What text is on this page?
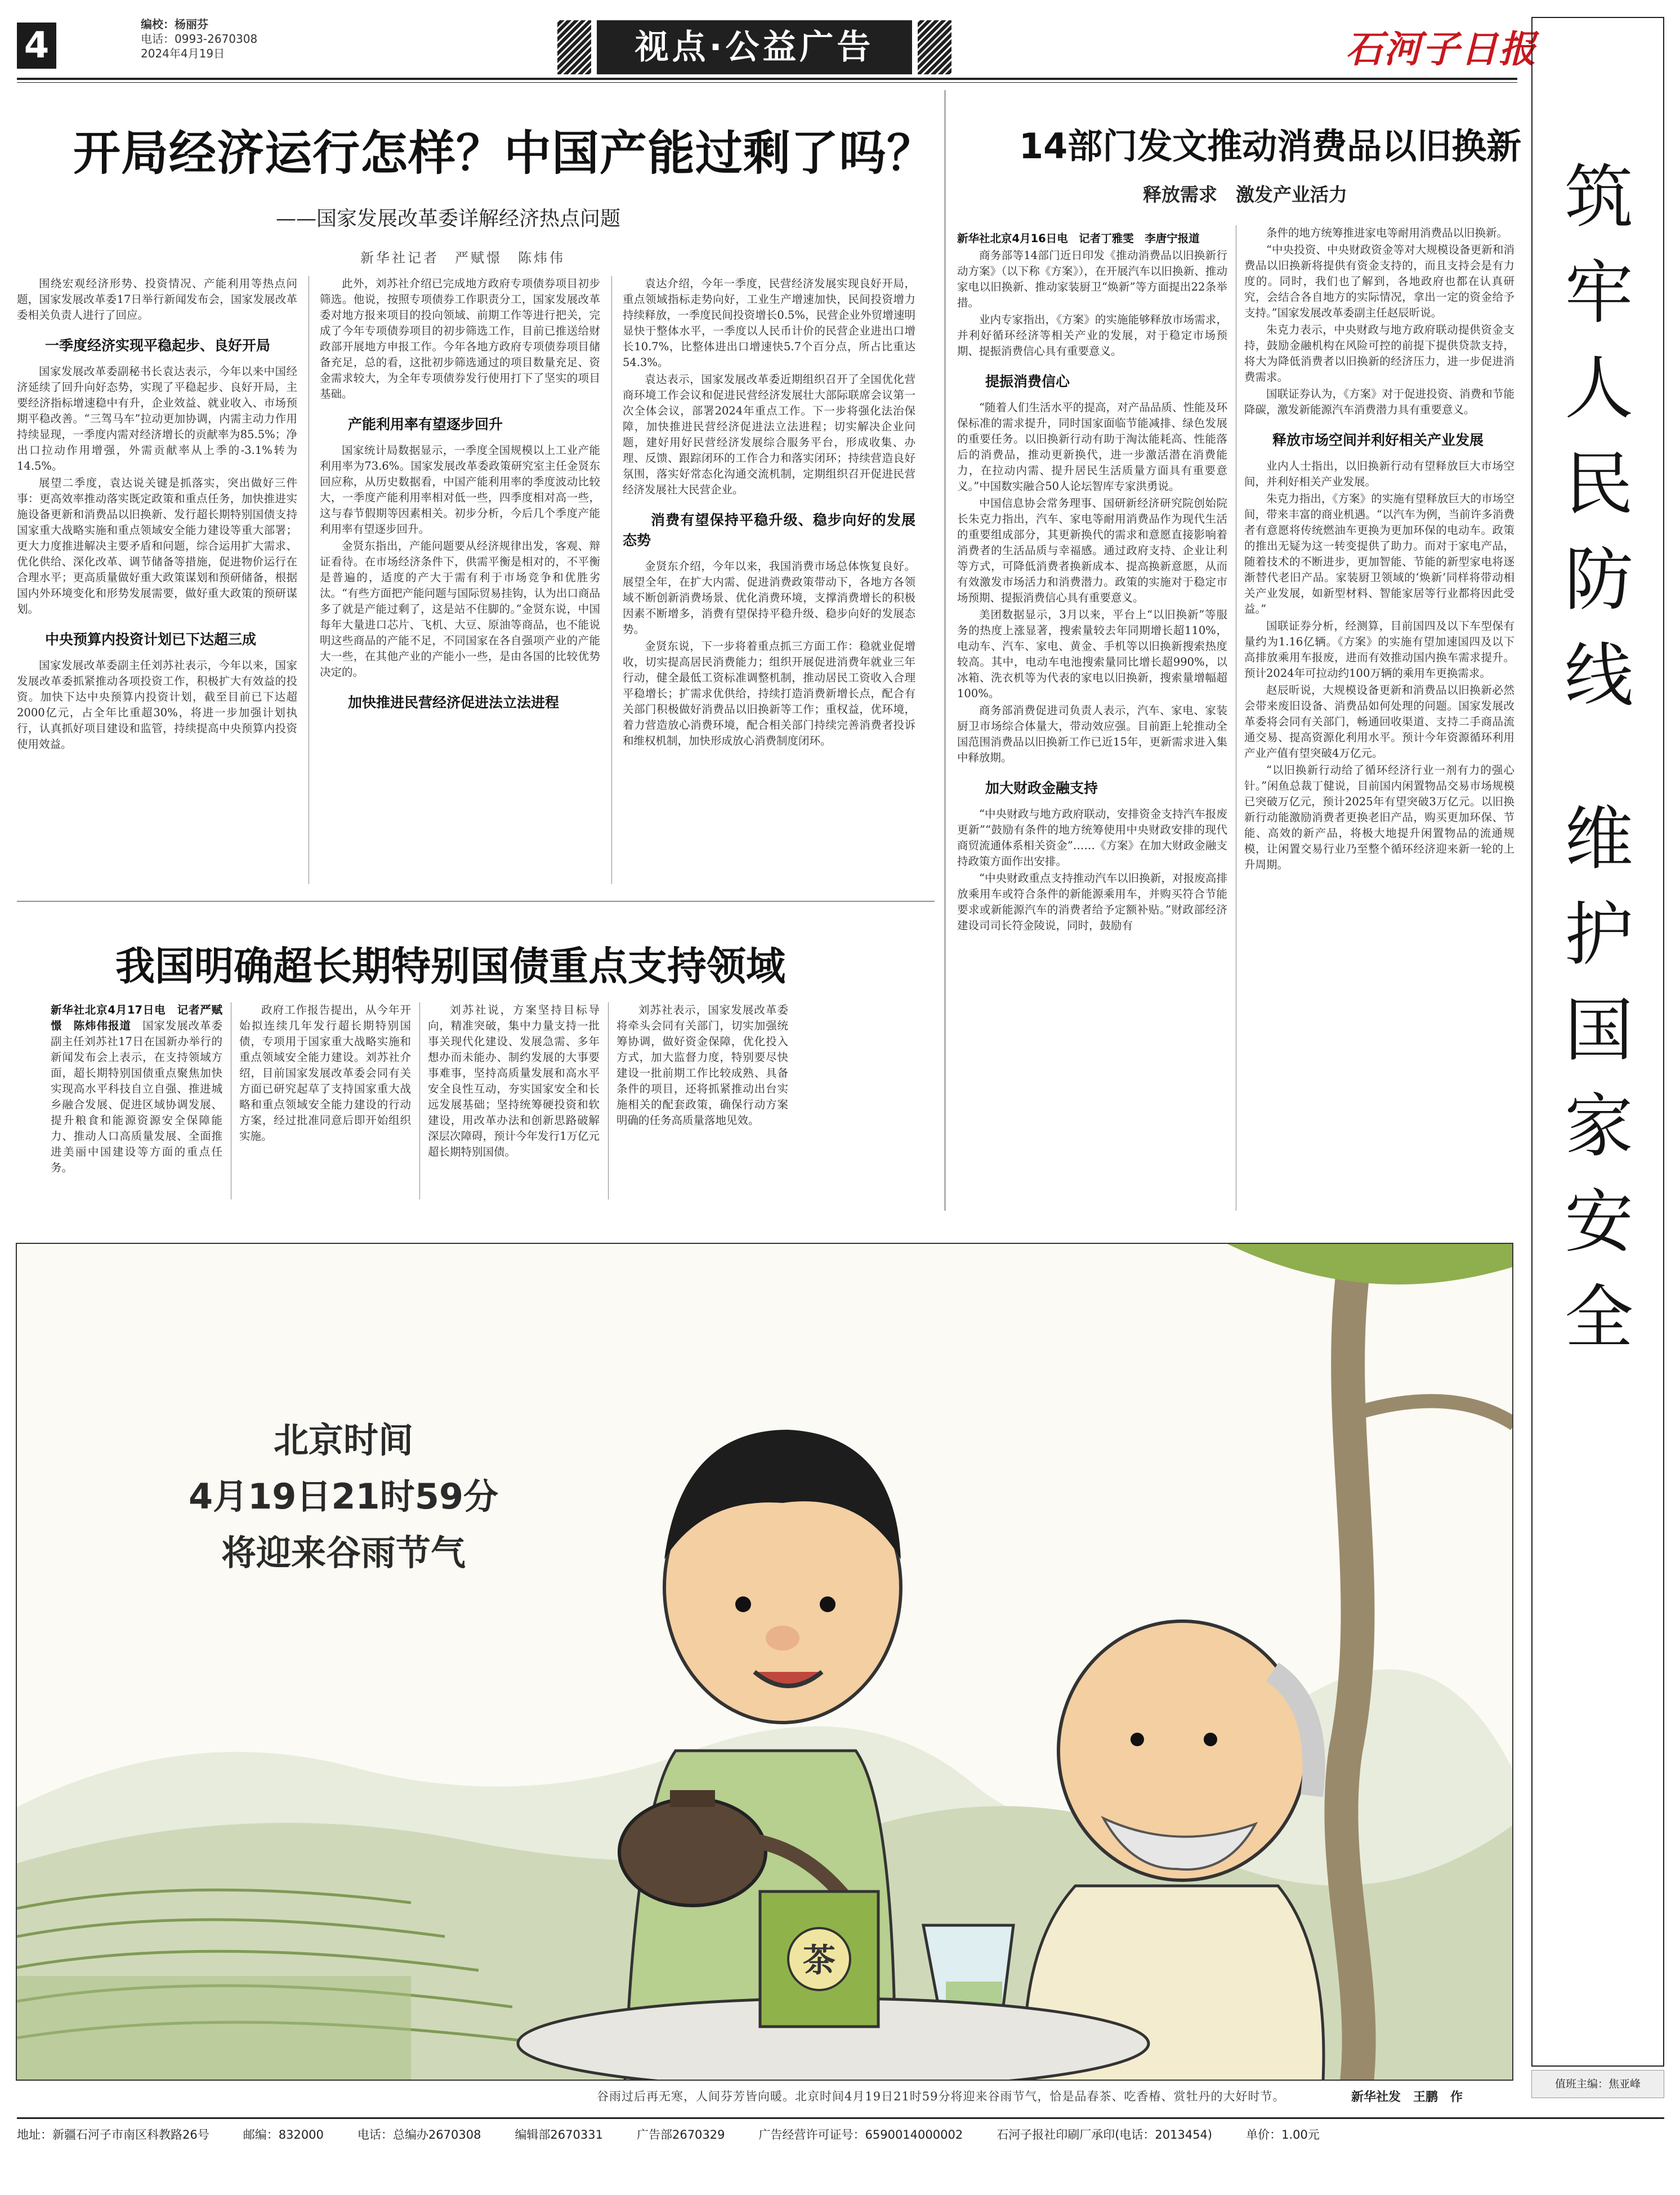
4
编校：杨丽芬
电话：0993-2670308
2024年4月19日	视点·公益广告	石河子日报
开局经济运行怎样？中国产能过剩了吗？
——国家发展改革委详解经济热点问题
新华社记者　严赋憬　陈炜伟

围绕宏观经济形势、投资情况、产能利用等热点问题，国家发展改革委17日举行新闻发布会，国家发展改革委相关负责人进行了回应。

一季度经济实现平稳起步、良好开局

国家发展改革委副秘书长袁达表示，今年以来中国经济延续了回升向好态势，实现了平稳起步、良好开局，主要经济指标增速稳中有升，企业效益、就业收入、市场预期平稳改善。“三驾马车”拉动更加协调，内需主动力作用持续显现，一季度内需对经济增长的贡献率为85.5%；净出口拉动作用增强，外需贡献率从上季的-3.1%转为14.5%。

展望二季度，袁达说关键是抓落实，突出做好三件事：更高效率推动落实既定政策和重点任务，加快推进实施设备更新和消费品以旧换新、发行超长期特别国债支持国家重大战略实施和重点领域安全能力建设等重大部署；更大力度推进解决主要矛盾和问题，综合运用扩大需求、优化供给、深化改革、调节储备等措施，促进物价运行在合理水平；更高质量做好重大政策谋划和预研储备，根据国内外环境变化和形势发展需要，做好重大政策的预研谋划。

中央预算内投资计划已下达超三成

国家发展改革委副主任刘苏社表示，今年以来，国家发展改革委抓紧推动各项投资工作，积极扩大有效益的投资。加快下达中央预算内投资计划，截至目前已下达超2000亿元，占全年比重超30%，将进一步加强计划执行，认真抓好项目建设和监管，持续提高中央预算内投资使用效益。

此外，刘苏社介绍已完成地方政府专项债券项目初步筛选。他说，按照专项债券工作职责分工，国家发展改革委对地方报来项目的投向领域、前期工作等进行把关，完成了今年专项债券项目的初步筛选工作，目前已推送给财政部开展地方申报工作。今年各地方政府专项债券项目储备充足，总的看，这批初步筛选通过的项目数量充足、资金需求较大，为全年专项债券发行使用打下了坚实的项目基础。

产能利用率有望逐步回升

国家统计局数据显示，一季度全国规模以上工业产能利用率为73.6%。国家发展改革委政策研究室主任金贤东回应称，从历史数据看，中国产能利用率的季度波动比较大，一季度产能利用率相对低一些，四季度相对高一些，这与春节假期等因素相关。初步分析，今后几个季度产能利用率有望逐步回升。

金贤东指出，产能问题要从经济规律出发，客观、辩证看待。在市场经济条件下，供需平衡是相对的，不平衡是普遍的，适度的产大于需有利于市场竞争和优胜劣汰。“有些方面把产能问题与国际贸易挂钩，认为出口商品多了就是产能过剩了，这是站不住脚的。”金贤东说，中国每年大量进口芯片、飞机、大豆、原油等商品，也不能说明这些商品的产能不足，不同国家在各自强项产业的产能大一些，在其他产业的产能小一些，是由各国的比较优势决定的。

加快推进民营经济促进法立法进程

袁达介绍，今年一季度，民营经济发展实现良好开局，重点领域指标走势向好，工业生产增速加快，民间投资增力持续释放，一季度民间投资增长0.5%，民营企业外贸增速明显快于整体水平，一季度以人民币计价的民营企业进出口增长10.7%，比整体进出口增速快5.7个百分点，所占比重达54.3%。

袁达表示，国家发展改革委近期组织召开了全国优化营商环境工作会议和促进民营经济发展壮大部际联席会议第一次全体会议，部署2024年重点工作。下一步将强化法治保障，加快推进民营经济促进法立法进程；切实解决企业问题，建好用好民营经济发展综合服务平台，形成收集、办理、反馈、跟踪闭环的工作合力和落实闭环；持续营造良好氛围，落实好常态化沟通交流机制，定期组织召开促进民营经济发展社大民营企业。

消费有望保持平稳升级、稳步向好的发展态势

金贤东介绍，今年以来，我国消费市场总体恢复良好。展望全年，在扩大内需、促进消费政策带动下，各地方各领域不断创新消费场景、优化消费环境，支撑消费增长的积极因素不断增多，消费有望保持平稳升级、稳步向好的发展态势。

金贤东说，下一步将着重点抓三方面工作：稳就业促增收，切实提高居民消费能力；组织开展促进消费年就业三年行动，健全最低工资标准调整机制，推动居民工资收入合理平稳增长；扩需求优供给，持续打造消费新增长点，配合有关部门积极做好消费品以旧换新等工作；重权益，优环境，着力营造放心消费环境，配合相关部门持续完善消费者投诉和维权机制，加快形成放心消费制度闭环。

我国明确超长期特别国债重点支持领域

新华社北京4月17日电　记者严赋憬　陈炜伟报道　 国家发展改革委副主任刘苏社17日在国新办举行的新闻发布会上表示，在支持领域方面，超长期特别国债重点聚焦加快实现高水平科技自立自强、推进城乡融合发展、促进区域协调发展、提升粮食和能源资源安全保障能力、推动人口高质量发展、全面推进美丽中国建设等方面的重点任务。

政府工作报告提出，从今年开始拟连续几年发行超长期特别国债，专项用于国家重大战略实施和重点领域安全能力建设。刘苏社介绍，目前国家发展改革委会同有关方面已研究起草了支持国家重大战略和重点领域安全能力建设的行动方案，经过批准同意后即开始组织实施。

刘苏社说，方案坚持目标导向，精准突破，集中力量支持一批事关现代化建设、发展急需、多年想办而未能办、制约发展的大事要事难事，坚持高质量发展和高水平安全良性互动，夯实国家安全和长远发展基础；坚持统筹硬投资和软建设，用改革办法和创新思路破解深层次障碍，预计今年发行1万亿元超长期特别国债。

刘苏社表示，国家发展改革委将牵头会同有关部门，切实加强统筹协调，做好资金保障，优化投入方式，加大监督力度，特别要尽快建设一批前期工作比较成熟、具备条件的项目，还将抓紧推动出台实施相关的配套政策，确保行动方案明确的任务高质量落地见效。

14部门发文推动消费品以旧换新
释放需求　激发产业活力

新华社北京4月16日电　记者丁雅雯　李唐宁报道

商务部等14部门近日印发《推动消费品以旧换新行动方案》（以下称《方案》），在开展汽车以旧换新、推动家电以旧换新、推动家装厨卫“焕新”等方面提出22条举措。

业内专家指出，《方案》的实施能够释放市场需求，并利好循环经济等相关产业的发展，对于稳定市场预期、提振消费信心具有重要意义。

提振消费信心

“随着人们生活水平的提高，对产品品质、性能及环保标准的需求提升，同时国家面临节能减排、绿色发展的重要任务。以旧换新行动有助于淘汰能耗高、性能落后的消费品，推动更新换代，进一步激活潜在消费能力，在拉动内需、提升居民生活质量方面具有重要意义。”中国数实融合50人论坛智库专家洪勇说。

中国信息协会常务理事、国研新经济研究院创始院长朱克力指出，汽车、家电等耐用消费品作为现代生活的重要组成部分，其更新换代的需求和意愿直接影响着消费者的生活品质与幸福感。通过政府支持、企业让利等方式，可降低消费者换新成本、提高换新意愿，从而有效激发市场活力和消费潜力。政策的实施对于稳定市场预期、提振消费信心具有重要意义。

美团数据显示，3月以来，平台上“以旧换新”等服务的热度上涨显著，搜索量较去年同期增长超110%，电动车、汽车、家电、黄金、手机等以旧换新搜索热度较高。其中，电动车电池搜索量同比增长超990%，以冰箱、洗衣机等为代表的家电以旧换新，搜索量增幅超100%。

商务部消费促进司负责人表示，汽车、家电、家装厨卫市场综合体量大，带动效应强。目前距上轮推动全国范围消费品以旧换新工作已近15年，更新需求进入集中释放期。

加大财政金融支持

“中央财政与地方政府联动，安排资金支持汽车报废更新”“鼓励有条件的地方统筹使用中央财政安排的现代商贸流通体系相关资金”……《方案》在加大财政金融支持政策方面作出安排。

“中央财政重点支持推动汽车以旧换新，对报废高排放乘用车或符合条件的新能源乘用车，并购买符合节能要求或新能源汽车的消费者给予定额补贴。”财政部经济建设司司长符金陵说，同时，鼓励有

条件的地方统筹推进家电等耐用消费品以旧换新。

“中央投资、中央财政资金等对大规模设备更新和消费品以旧换新将提供有资金支持的，而且支持会是有力度的。同时，我们也了解到，各地政府也都在认真研究，会结合各自地方的实际情况，拿出一定的资金给予支持。”国家发展改革委副主任赵辰昕说。

朱克力表示，中央财政与地方政府联动提供资金支持，鼓励金融机构在风险可控的前提下提供贷款支持，将大为降低消费者以旧换新的经济压力，进一步促进消费需求。

国联证券认为，《方案》对于促进投资、消费和节能降碳，激发新能源汽车消费潜力具有重要意义。

释放市场空间并利好相关产业发展

业内人士指出，以旧换新行动有望释放巨大市场空间，并利好相关产业发展。

朱克力指出，《方案》的实施有望释放巨大的市场空间，带来丰富的商业机遇。“以汽车为例，当前许多消费者有意愿将传统燃油车更换为更加环保的电动车。政策的推出无疑为这一转变提供了助力。而对于家电产品，随着技术的不断进步，更加智能、节能的新型家电将逐渐替代老旧产品。家装厨卫领域的‘焕新’同样将带动相关产业发展，如新型材料、智能家居等行业都将因此受益。”

国联证券分析，经测算，目前国四及以下车型保有量约为1.16亿辆。《方案》的实施有望加速国四及以下高排放乘用车报废，进而有效推动国内换车需求提升。预计2024年可拉动约100万辆的乘用车更换需求。

赵辰昕说，大规模设备更新和消费品以旧换新必然会带来废旧设备、消费品如何处理的问题。国家发展改革委将会同有关部门，畅通回收渠道、支持二手商品流通交易、提高资源化利用水平。预计今年资源循环利用产业产值有望突破4万亿元。

“以旧换新行动给了循环经济行业一剂有力的强心针。”闲鱼总裁丁健说，目前国内闲置物品交易市场规模已突破万亿元，预计2025年有望突破3万亿元。以旧换新行动能激励消费者更换老旧产品，购买更加环保、节能、高效的新产品，将极大地提升闲置物品的流通规模，让闲置交易行业乃至整个循环经济迎来新一轮的上升周期。

北京时间
4月19日21时59分
将迎来谷雨节气
茶
谷雨过后再无寒，人间芬芳皆向暖。北京时间4月19日21时59分将迎来谷雨节气，恰是品春茶、吃香椿、赏牡丹的大好时节。	新华社发　王鹏　作
筑
牢
人
民
防
线
维
护
国
家
安
全
值班主编：焦亚峰
地址：新疆石河子市南区科教路26号	邮编：832000	电话：总编办2670308	编辑部2670331	广告部2670329	广告经营许可证号：6590014000002	石河子报社印刷厂承印(电话：2013454)	单价：1.00元
